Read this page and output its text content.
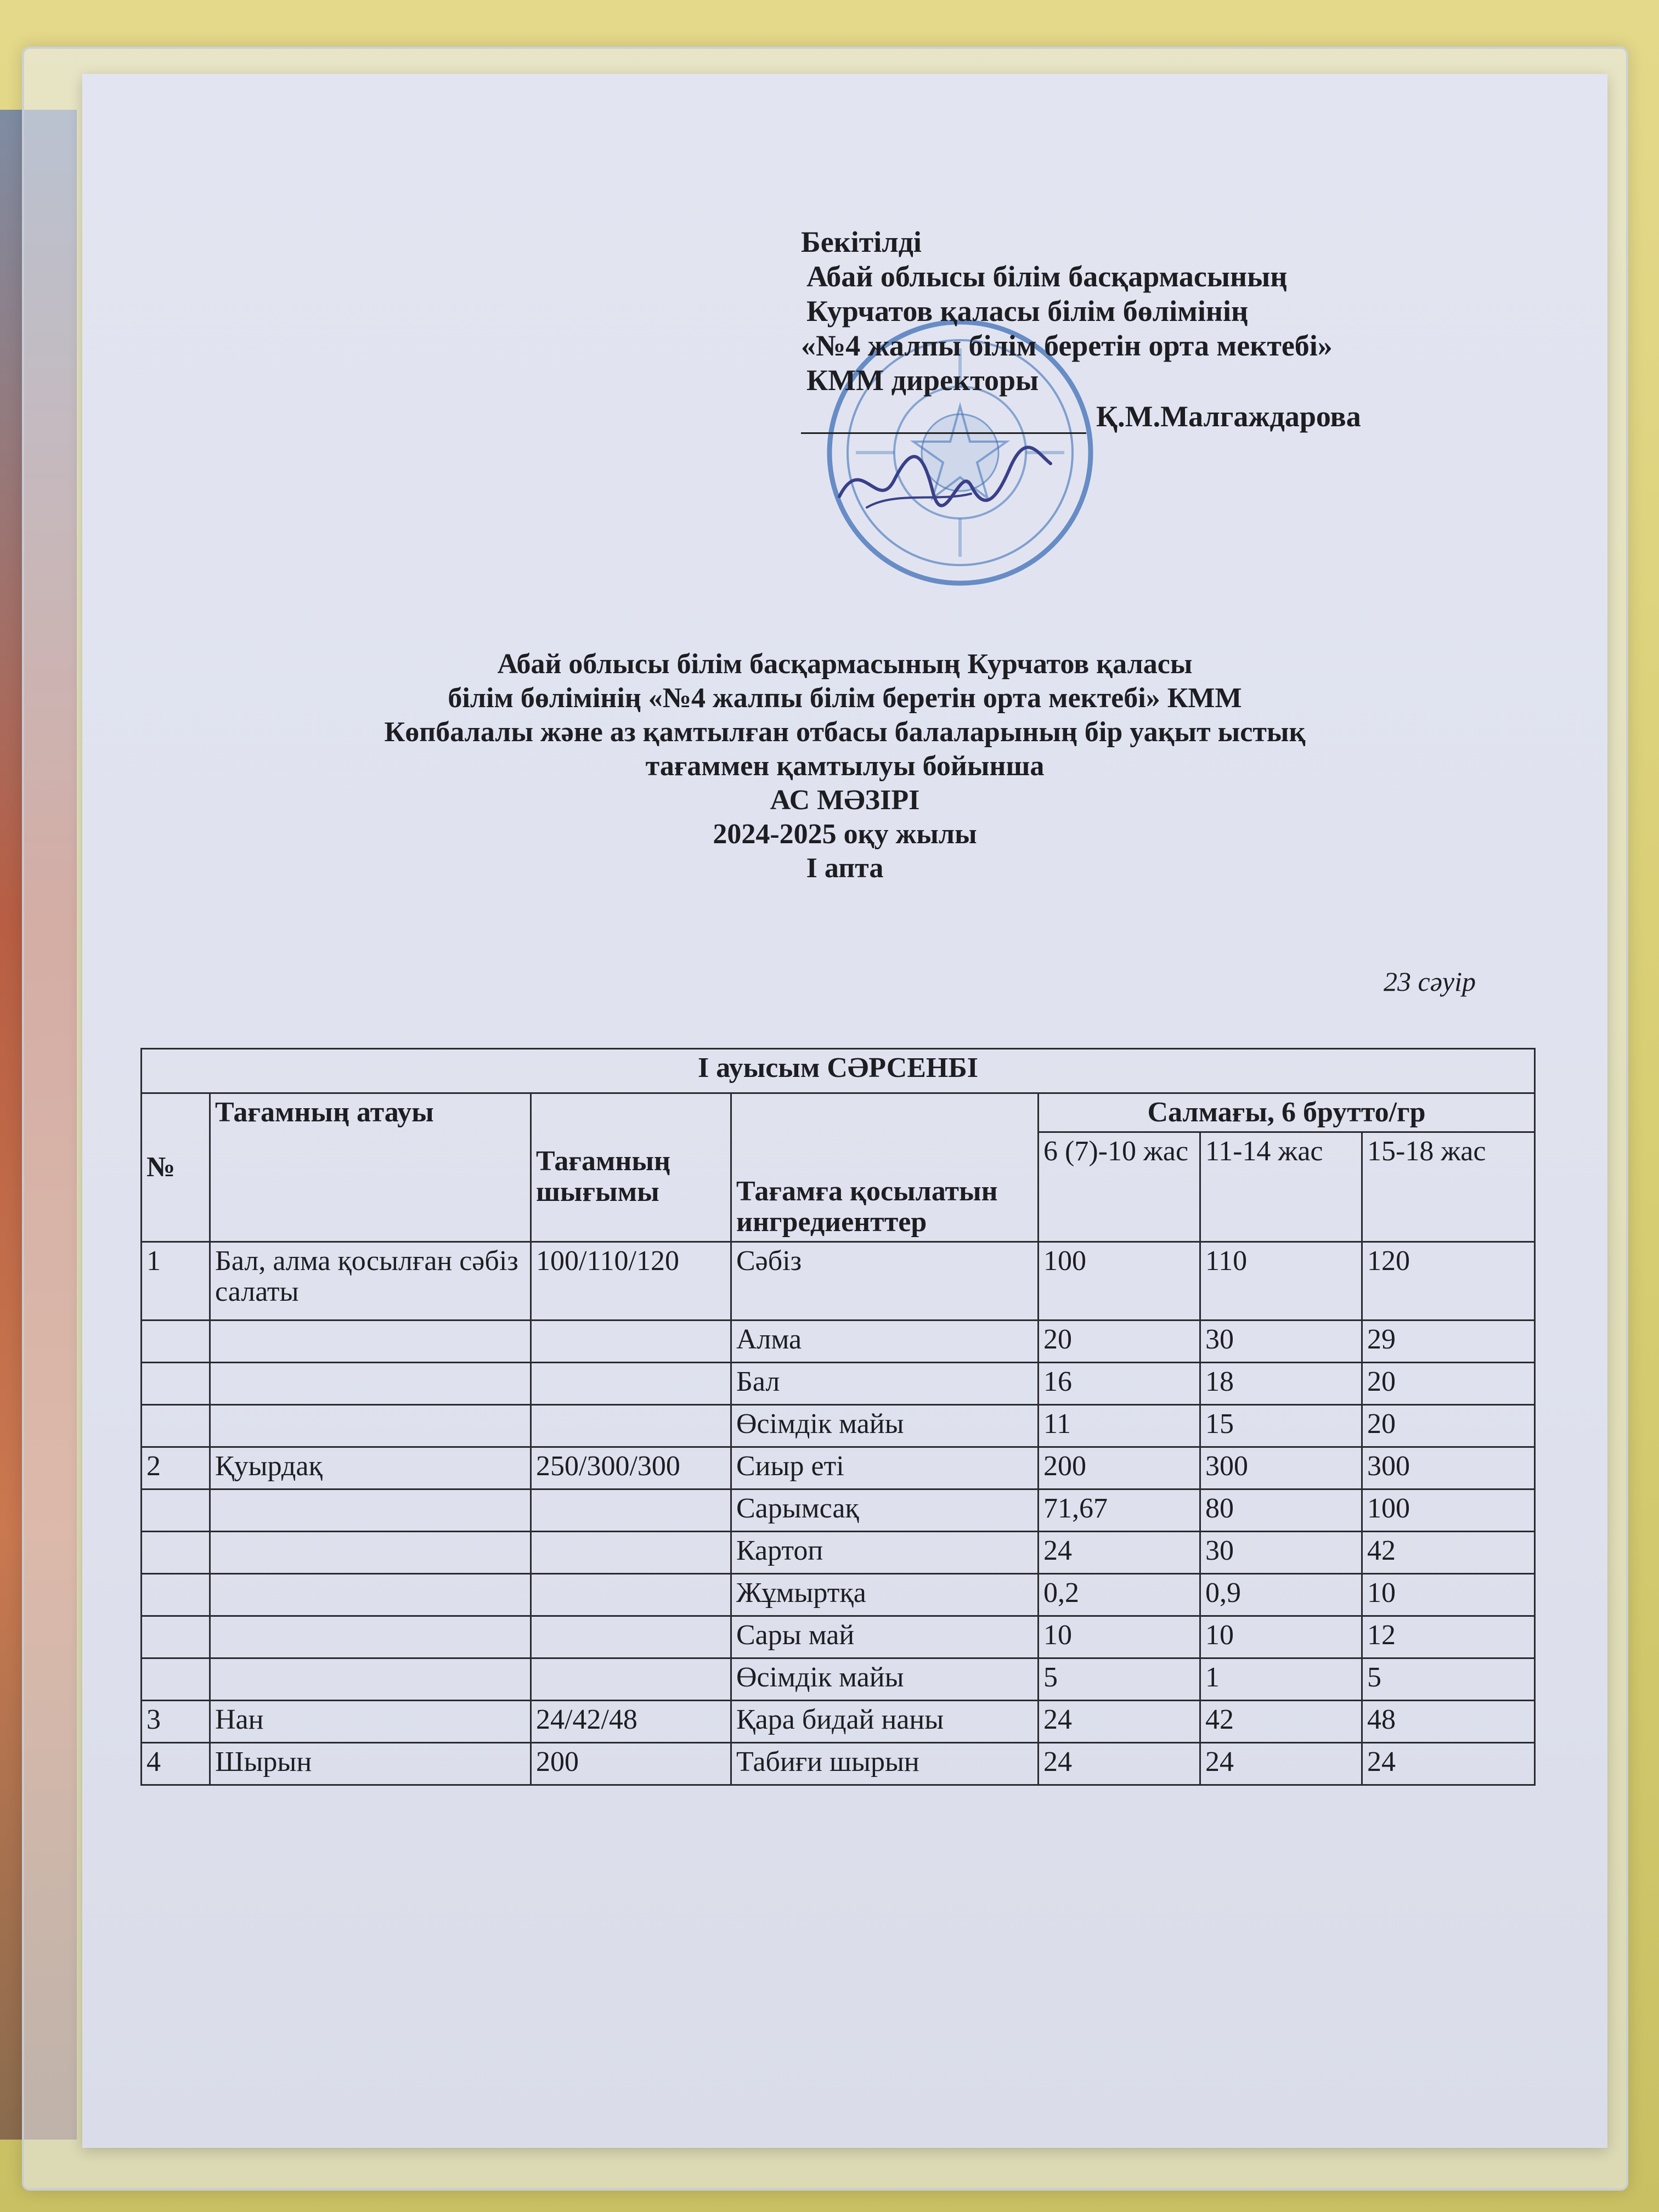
Бекітілді
Абай облысы білім басқармасының
Курчатов қаласы білім бөлімінің
«№4 жалпы білім беретін орта мектебі»
КММ директоры
Қ.М.Малгаждарова
Абай облысы білім басқармасының Курчатов қаласы
білім бөлімінің «№4 жалпы білім беретін орта мектебі» КММ
Көпбалалы және аз қамтылған отбасы балаларының бір уақыт ыстық
тағаммен қамтылуы бойынша
АС МӘЗІРІ
2024-2025 оқу жылы
І апта
23 сәуір
І ауысым СӘРСЕНБІ						
№	Тағамның атауы	Тағамның шығымы	Тағамға қосылатын ингредиенттер	Салмағы, 6 брутто/гр		
				6 (7)-10 жас	11-14 жас	15-18 жас
1	Бал, алма қосылған сәбіз салаты	100/110/120	Сәбіз	100	110	120
			Алма	20	30	29
			Бал	16	18	20
			Өсімдік майы	11	15	20
2	Қуырдақ	250/300/300	Сиыр еті	200	300	300
			Сарымсақ	71,67	80	100
			Картоп	24	30	42
			Жұмыртқа	0,2	0,9	10
			Сары май	10	10	12
			Өсімдік майы	5	1	5
3	Нан	24/42/48	Қара бидай наны	24	42	48
4	Шырын	200	Табиғи шырын	24	24	24
